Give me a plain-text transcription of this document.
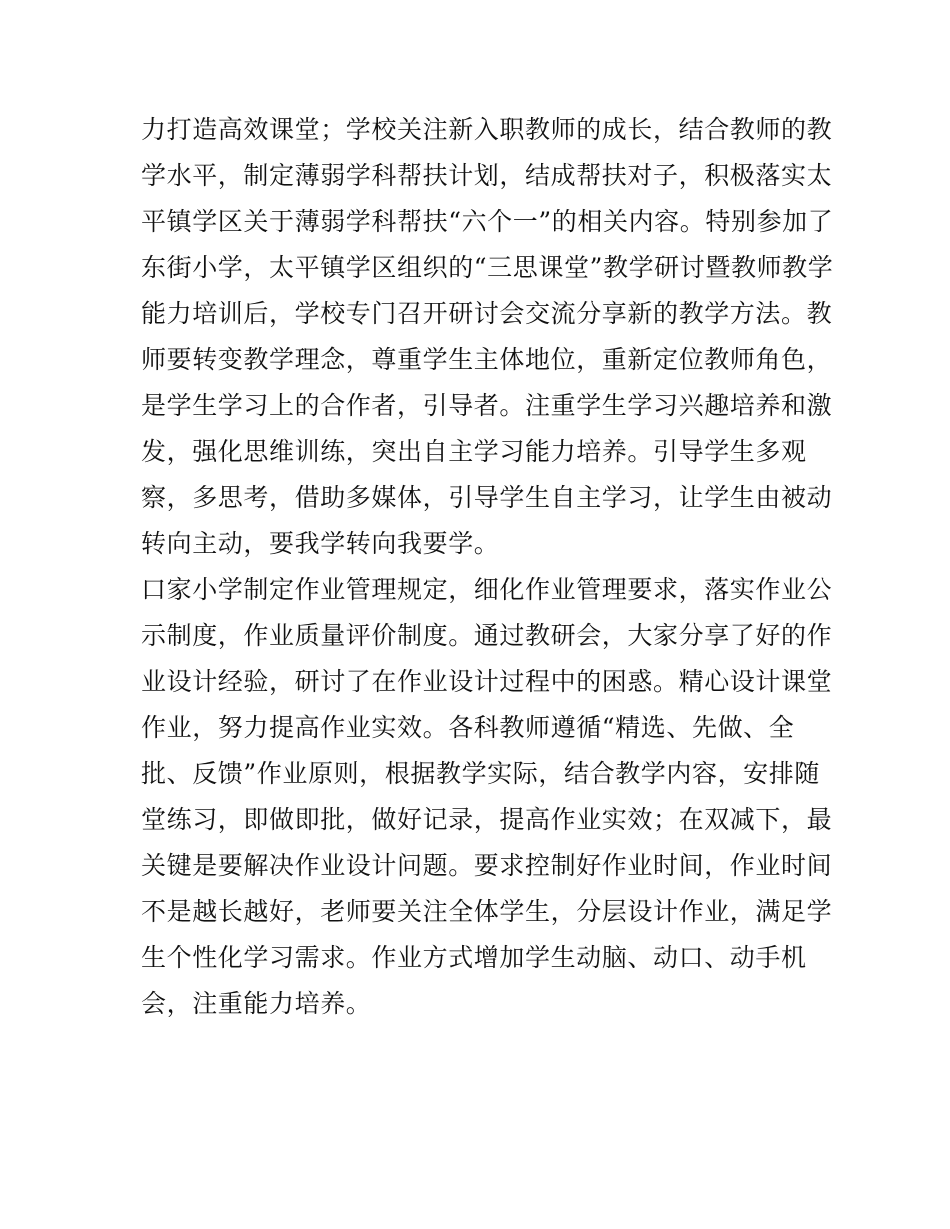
力打造高效课堂；学校关注新入职教师的成长，结合教师的教
学水平，制定薄弱学科帮扶计划，结成帮扶对子，积极落实太
平镇学区关于薄弱学科帮扶“六个一”的相关内容。特别参加了
东街小学，太平镇学区组织的“三思课堂”教学研讨暨教师教学
能力培训后，学校专门召开研讨会交流分享新的教学方法。教
师要转变教学理念，尊重学生主体地位，重新定位教师角色，
是学生学习上的合作者，引导者。注重学生学习兴趣培养和激
发，强化思维训练，突出自主学习能力培养。引导学生多观
察，多思考，借助多媒体，引导学生自主学习，让学生由被动
转向主动，要我学转向我要学。
口家小学制定作业管理规定，细化作业管理要求，落实作业公
示制度，作业质量评价制度。通过教研会，大家分享了好的作
业设计经验，研讨了在作业设计过程中的困惑。精心设计课堂
作业，努力提高作业实效。各科教师遵循“精选、先做、全
批、反馈”作业原则，根据教学实际，结合教学内容，安排随
堂练习，即做即批，做好记录，提高作业实效；在双减下，最
关键是要解决作业设计问题。要求控制好作业时间，作业时间
不是越长越好，老师要关注全体学生，分层设计作业，满足学
生个性化学习需求。作业方式增加学生动脑、动口、动手机
会，注重能力培养。
